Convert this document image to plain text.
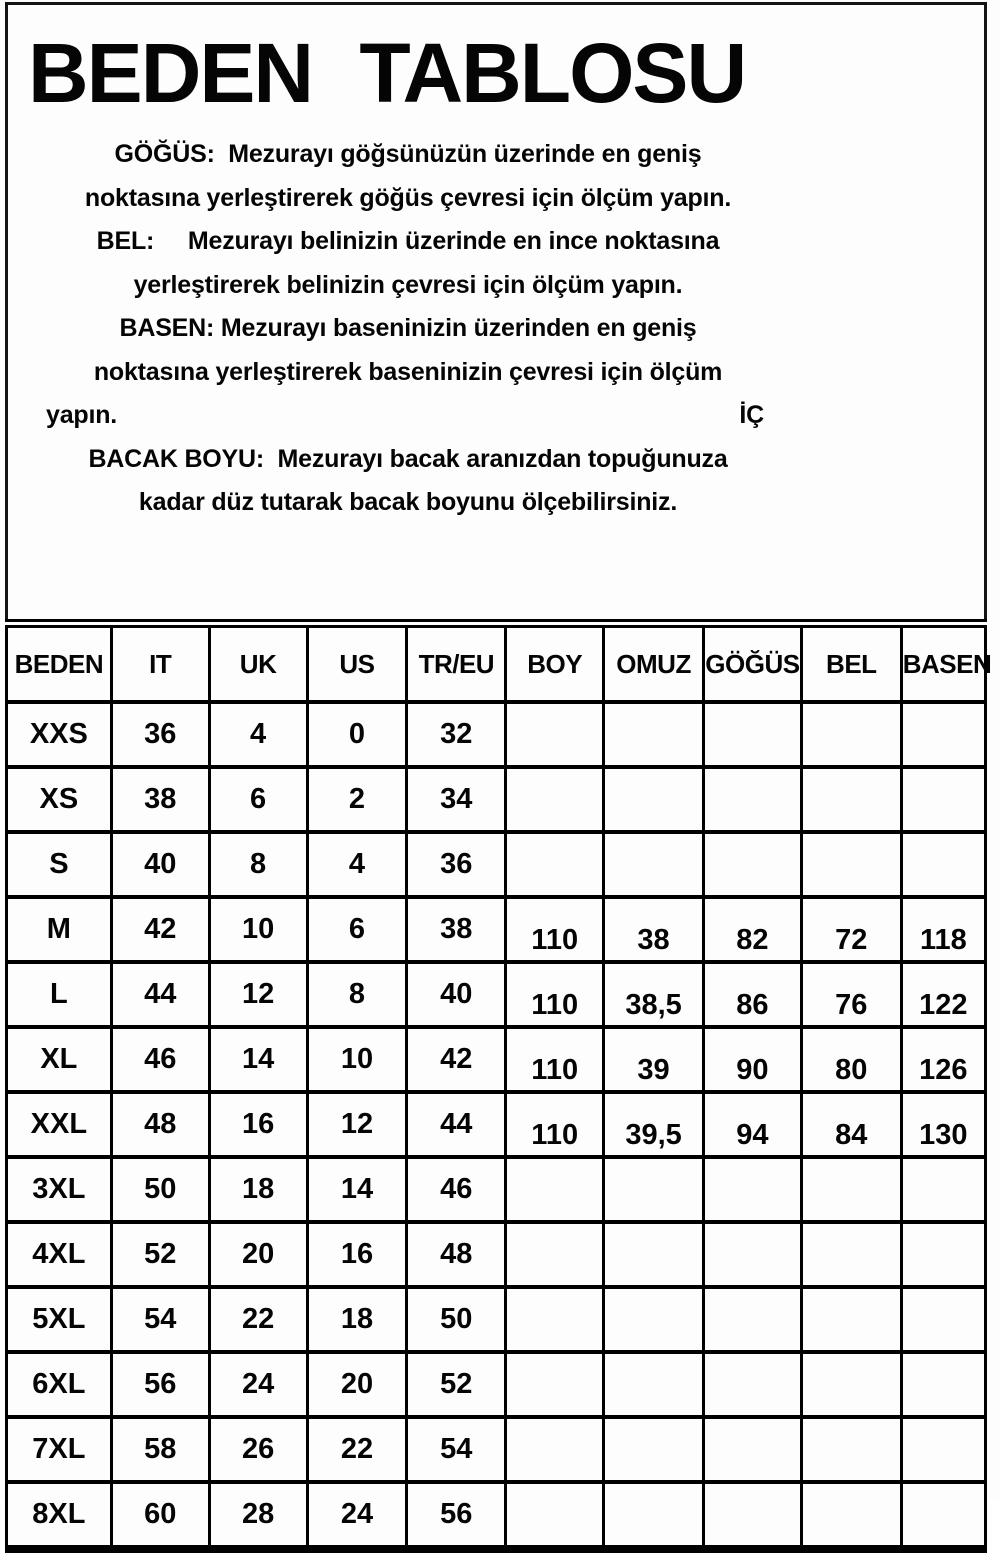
BEDEN TABLOSU
GÖĞÜS:  Mezurayı göğsünüzün üzerinde en geniş
noktasına yerleştirerek göğüs çevresi için ölçüm yapın.
BEL:     Mezurayı belinizin üzerinde en ince noktasına
yerleştirerek belinizin çevresi için ölçüm yapın.
BASEN: Mezurayı baseninizin üzerinden en geniş
noktasına yerleştirerek baseninizin çevresi için ölçüm
yapın.	İÇ
BACAK BOYU:  Mezurayı bacak aranızdan topuğunuza
kadar düz tutarak bacak boyunu ölçebilirsiniz.
BEDEN	IT	UK	US	TR/EU	BOY	OMUZ	GÖĞÜS	BEL	BASEN
XXS	36	4	0	32					
XS	38	6	2	34					
S	40	8	4	36					
M	42	10	6	38	110	38	82	72	118
L	44	12	8	40	110	38,5	86	76	122
XL	46	14	10	42	110	39	90	80	126
XXL	48	16	12	44	110	39,5	94	84	130
3XL	50	18	14	46					
4XL	52	20	16	48					
5XL	54	22	18	50					
6XL	56	24	20	52					
7XL	58	26	22	54					
8XL	60	28	24	56					
